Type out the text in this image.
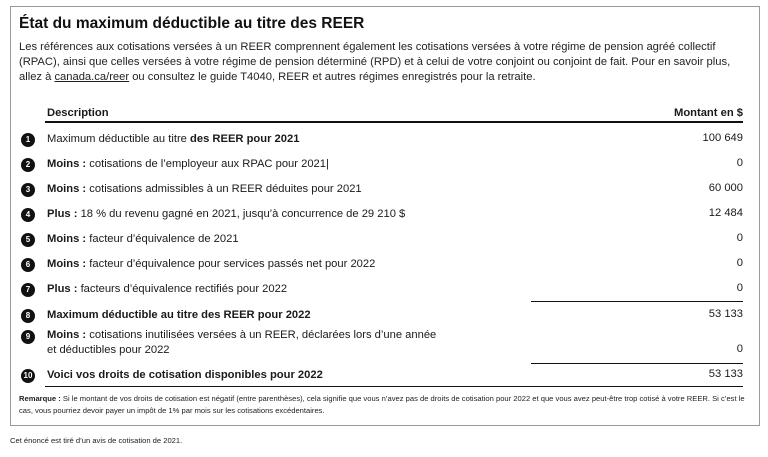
État du maximum déductible au titre des REER

Les références aux cotisations versées à un REER comprennent également les cotisations versées à votre régime de pension agréé collectif (RPAC), ainsi que celles versées à votre régime de pension déterminé (RPD) et à celui de votre conjoint ou conjoint de fait. Pour en savoir plus, allez à canada.ca/reer ou consultez le guide T4040, REER et autres régimes enregistrés pour la retraite.

Description	Montant en $
1	Maximum déductible au titre des REER pour 2021	100 649
2	Moins : cotisations de l’employeur aux RPAC pour 2021|	0
3	Moins : cotisations admissibles à un REER déduites pour 2021	60 000
4	Plus : 18 % du revenu gagné en 2021, jusqu’à concurrence de 29 210 $	12 484
5	Moins : facteur d’équivalence de 2021	0
6	Moins : facteur d’équivalence pour services passés net pour 2022	0
7	Plus : facteurs d’équivalence rectifiés pour 2022	0
8	Maximum déductible au titre des REER pour 2022	53 133
9	Moins : cotisations inutilisées versées à un REER, déclarées lors d’une année
et déductibles pour 2022	0
10 Voici vos droits de cotisation disponibles pour 2022	53 133

Remarque : Si le montant de vos droits de cotisation est négatif (entre parenthèses), cela signifie que vous n’avez pas de droits de cotisation pour 2022 et que vous avez peut-être trop cotisé à votre REER. Si c’est le cas, vous pourriez devoir payer un impôt de 1% par mois sur les cotisations excédentaires.

Cet énoncé est tiré d’un avis de cotisation de 2021.
